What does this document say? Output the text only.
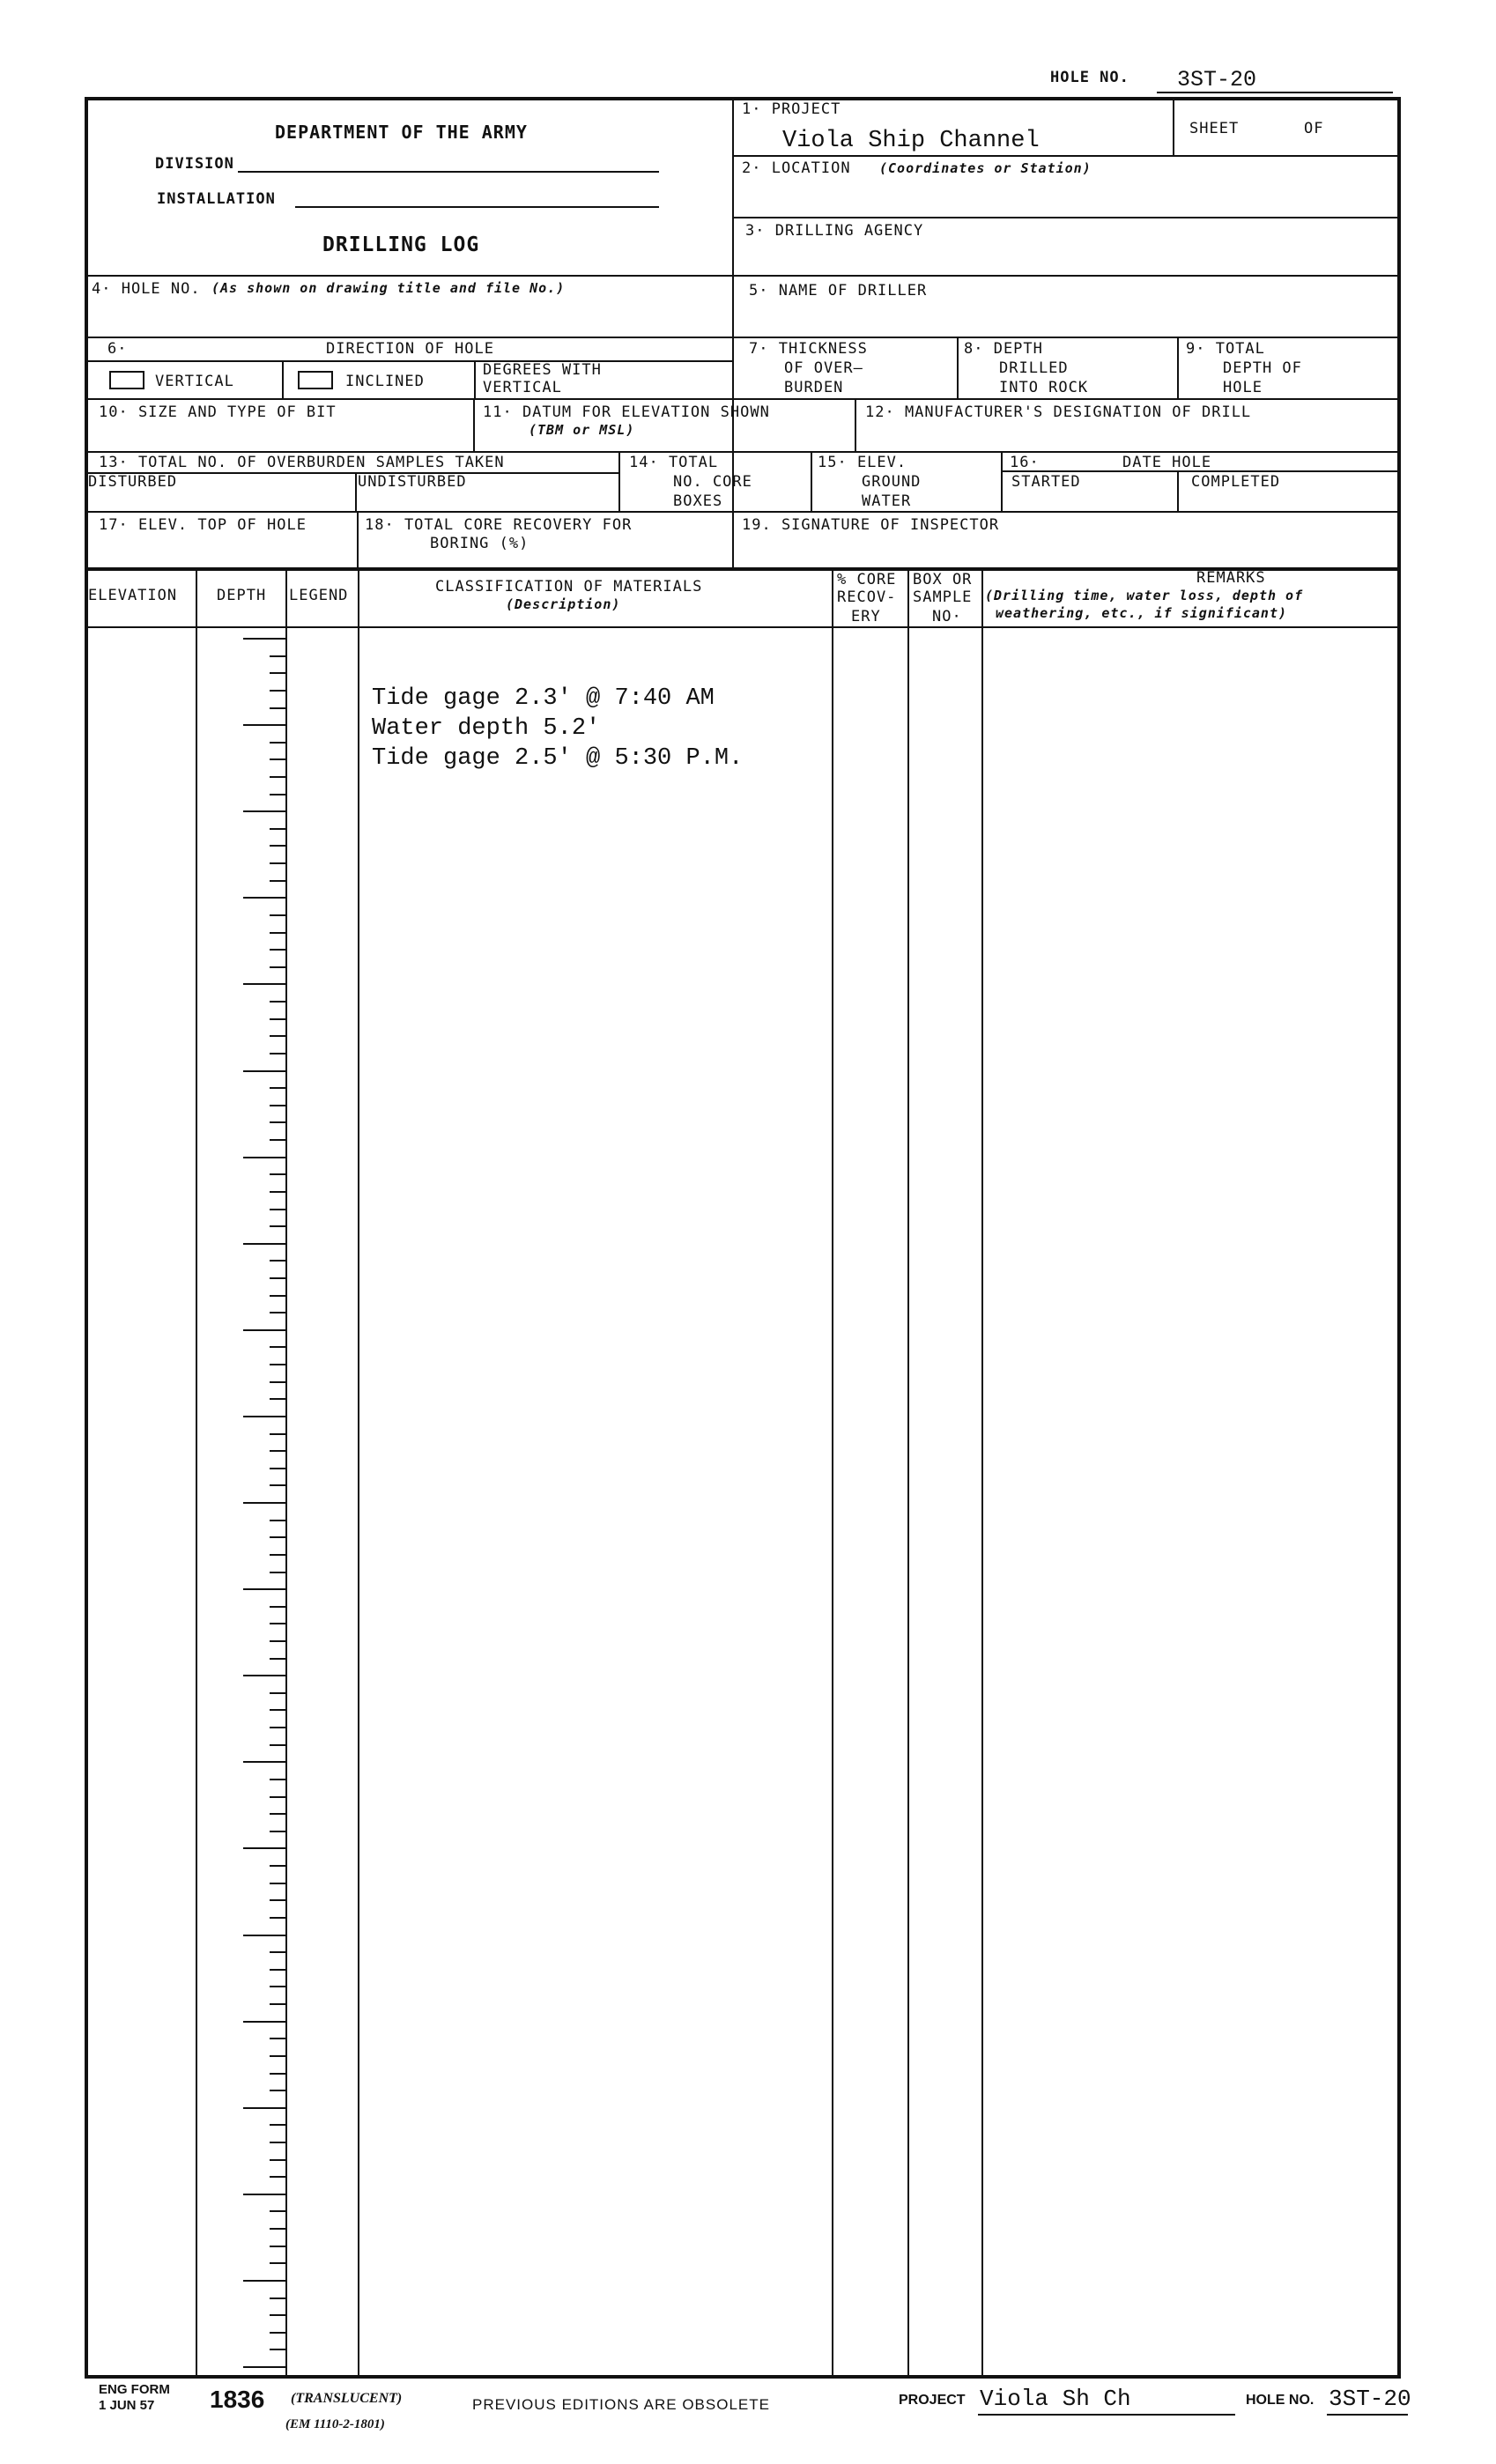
HOLE NO. 3ST-20
DEPARTMENT OF THE ARMY
DIVISION
INSTALLATION
DRILLING LOG
1· PROJECT
Viola Ship Channel	SHEET	OF
2· LOCATION (Coordinates or Station)
3· DRILLING AGENCY
4· HOLE NO. (As shown on drawing title and file No.)	5· NAME OF DRILLER
6·	DIRECTION OF HOLE
VERTICAL	INCLINED
DEGREES WITH
VERTICAL
7· THICKNESS
OF OVER—
BURDEN
8· DEPTH
DRILLED
INTO ROCK
9· TOTAL
DEPTH OF
HOLE
10· SIZE AND TYPE OF BIT	11· DATUM FOR ELEVATION SHOWN
(TBM or MSL)
12· MANUFACTURER'S DESIGNATION OF DRILL
13· TOTAL NO. OF OVERBURDEN SAMPLES TAKEN
DISTURBED	UNDISTURBED
14· TOTAL
NO. CORE
BOXES
15· ELEV.
GROUND
WATER
16·	DATE HOLE
STARTED	COMPLETED
17· ELEV. TOP OF HOLE	18· TOTAL CORE RECOVERY FOR
BORING (%)
19. SIGNATURE OF INSPECTOR
ELEVATION	DEPTH LEGEND	CLASSIFICATION OF MATERIALS
(Description)
% CORE
RECOV-
ERY
BOX OR
SAMPLE
NO·
REMARKS
(Drilling time, water loss, depth of
weathering, etc., if significant)
Tide gage 2.3' @ 7:40 AM
Water depth 5.2'
Tide gage 2.5' @ 5:30 P.M.
ENG FORM
1 JUN 57 1836 (TRANSLUCENT)
(EM 1110-2-1801)
PREVIOUS EDITIONS ARE OBSOLETE	PROJECT Viola Sh Ch	HOLE NO. 3ST-20
